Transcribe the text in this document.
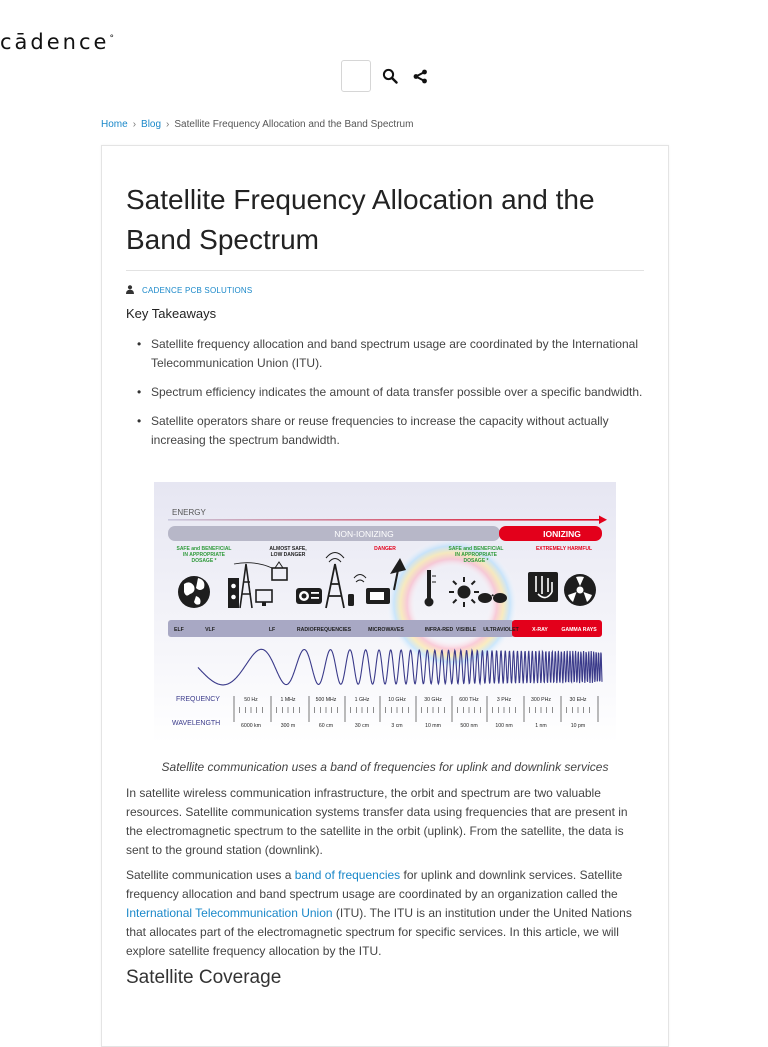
cādence°
Home › Blog › Satellite Frequency Allocation and the Band Spectrum
Satellite Frequency Allocation and the Band Spectrum
CADENCE PCB SOLUTIONS
Key Takeaways
• Satellite frequency allocation and band spectrum usage are coordinated by the International Telecommunication Union (ITU).
• Spectrum efficiency indicates the amount of data transfer possible over a specific bandwidth.
• Satellite operators share or reuse frequencies to increase the capacity without actually increasing the spectrum bandwidth.
ENERGY
NON-IONIZING	IONIZING
SAFE and BENEFICIAL
IN APPROPRIATE
DOSAGE *
ALMOST SAFE,
LOW DANGER
DANGER	SAFE and BENEFICIAL
IN APPROPRIATE
DOSAGE *
EXTREMELY HARMFUL
ELF	VLF	LF	RADIOFREQUENCIES	MICROWAVES	INFRA-RED VISIBLE ULTRAVIOLET	X-RAY	GAMMA RAYS
FREQUENCY
WAVELENGTH
50 Hz
6000 km
1 MHz
300 m
500 MHz
60 cm
1 GHz
30 cm
10 GHz
3 cm
30 GHz
10 mm
600 THz
500 nm
3 PHz
100 nm
300 PHz
1 nm
30 EHz
10 pm
Satellite communication uses a band of frequencies for uplink and downlink services

In satellite wireless communication infrastructure, the orbit and spectrum are two valuable resources. Satellite communication systems transfer data using frequencies that are present in the electromagnetic spectrum to the satellite in the orbit (uplink). From the satellite, the data is sent to the ground station (downlink).

Satellite communication uses a band of frequencies for uplink and downlink services. Satellite frequency allocation and band spectrum usage are coordinated by an organization called the International Telecommunication Union (ITU). The ITU is an institution under the United Nations that allocates part of the electromagnetic spectrum for specific services. In this article, we will explore satellite frequency allocation by the ITU.

Satellite Coverage
